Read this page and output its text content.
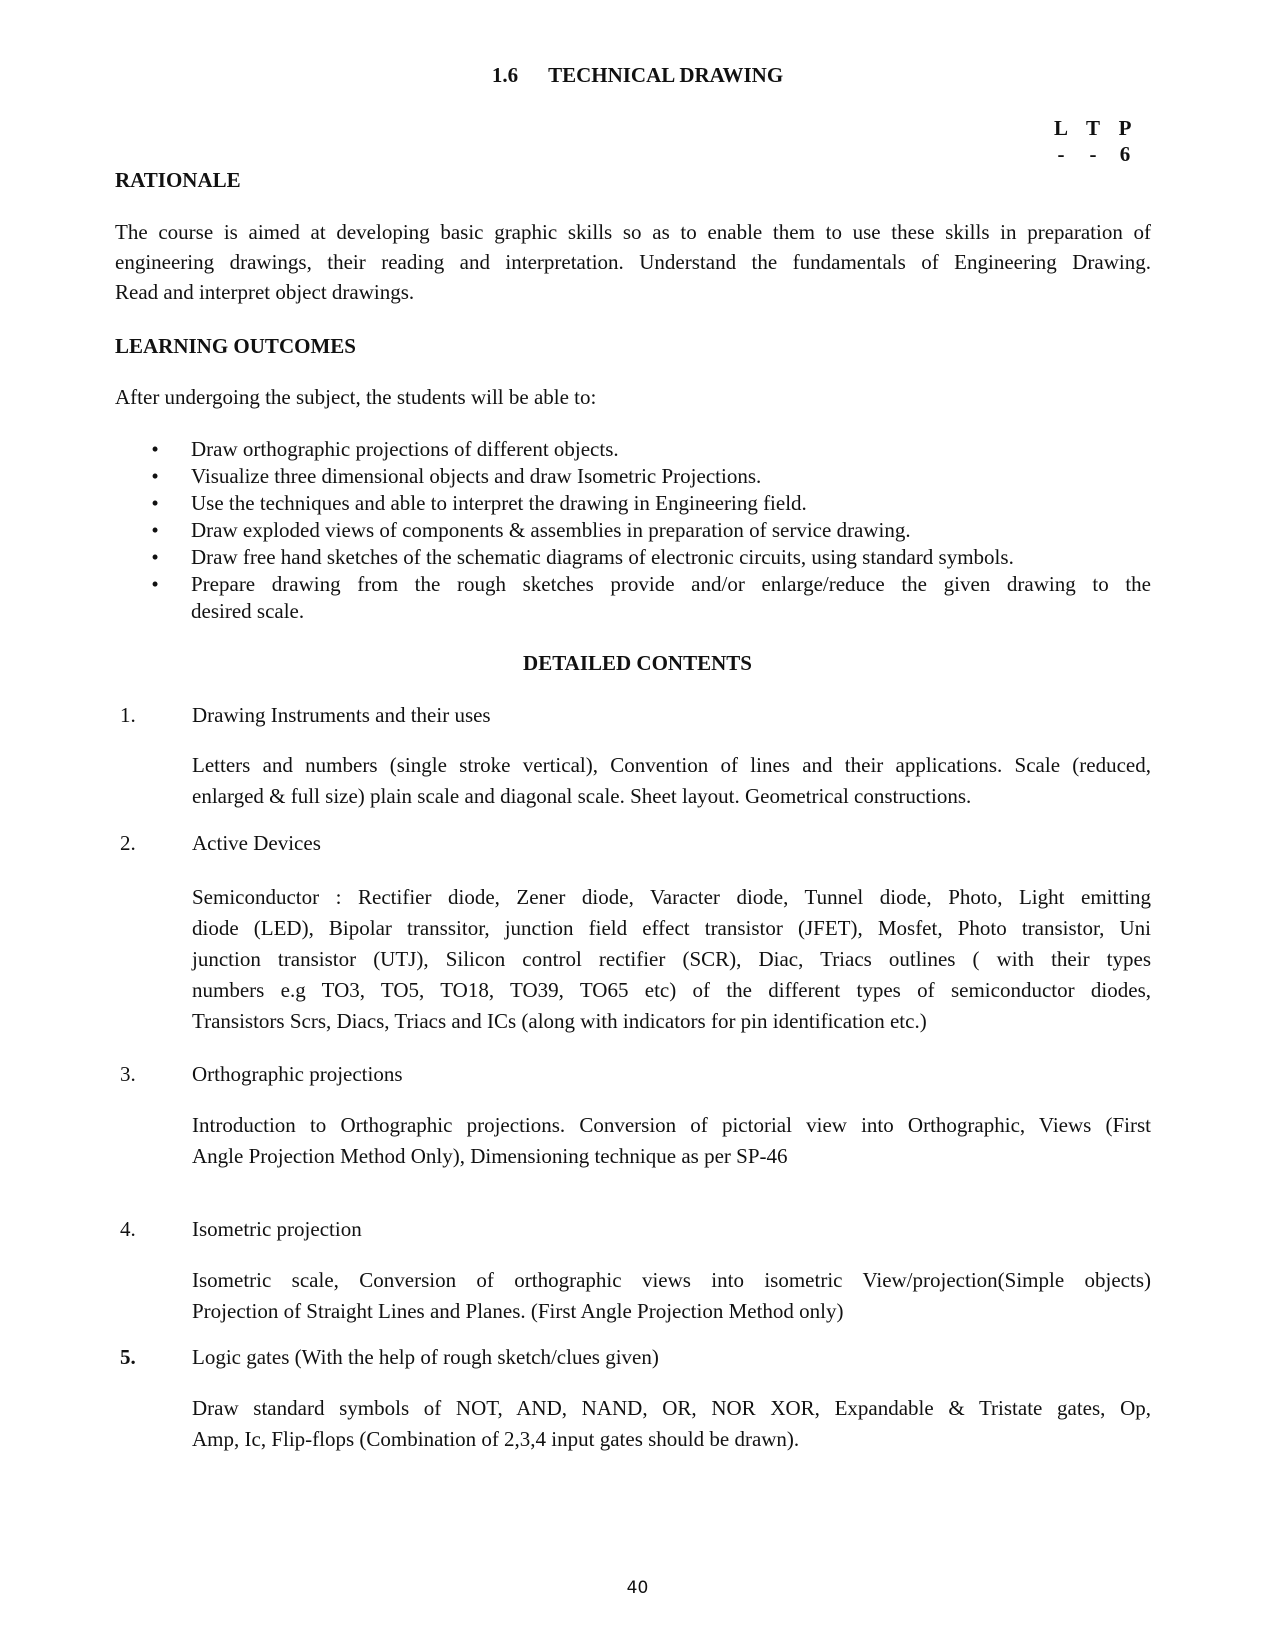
1.6 TECHNICAL DRAWING
L T P
- - 6
RATIONALE
The course is aimed at developing basic graphic skills so as to enable them to use these skills in preparation of
engineering drawings, their reading and interpretation. Understand the fundamentals of Engineering Drawing.
Read and interpret object drawings.
LEARNING OUTCOMES
After undergoing the subject, the students will be able to:
• Draw orthographic projections of different objects.
• Visualize three dimensional objects and draw Isometric Projections.
• Use the techniques and able to interpret the drawing in Engineering field.
• Draw exploded views of components & assemblies in preparation of service drawing.
• Draw free hand sketches of the schematic diagrams of electronic circuits, using standard symbols.
• Prepare drawing from the rough sketches provide and/or enlarge/reduce the given drawing to the
desired scale.
DETAILED CONTENTS
1.	Drawing Instruments and their uses
Letters and numbers (single stroke vertical), Convention of lines and their applications. Scale (reduced,
enlarged & full size) plain scale and diagonal scale. Sheet layout. Geometrical constructions.
2.	Active Devices
Semiconductor : Rectifier diode, Zener diode, Varacter diode, Tunnel diode, Photo, Light emitting
diode (LED), Bipolar transsitor, junction field effect transistor (JFET), Mosfet, Photo transistor, Uni
junction transistor (UTJ), Silicon control rectifier (SCR), Diac, Triacs outlines ( with their types
numbers e.g TO3, TO5, TO18, TO39, TO65 etc) of the different types of semiconductor diodes,
Transistors Scrs, Diacs, Triacs and ICs (along with indicators for pin identification etc.)
3.	Orthographic projections
Introduction to Orthographic projections. Conversion of pictorial view into Orthographic, Views (First
Angle Projection Method Only), Dimensioning technique as per SP-46
4.	Isometric projection
Isometric scale, Conversion of orthographic views into isometric View/projection(Simple objects)
Projection of Straight Lines and Planes. (First Angle Projection Method only)
5.	Logic gates (With the help of rough sketch/clues given)
Draw standard symbols of NOT, AND, NAND, OR, NOR XOR, Expandable & Tristate gates, Op,
Amp, Ic, Flip-flops (Combination of 2,3,4 input gates should be drawn).
40
